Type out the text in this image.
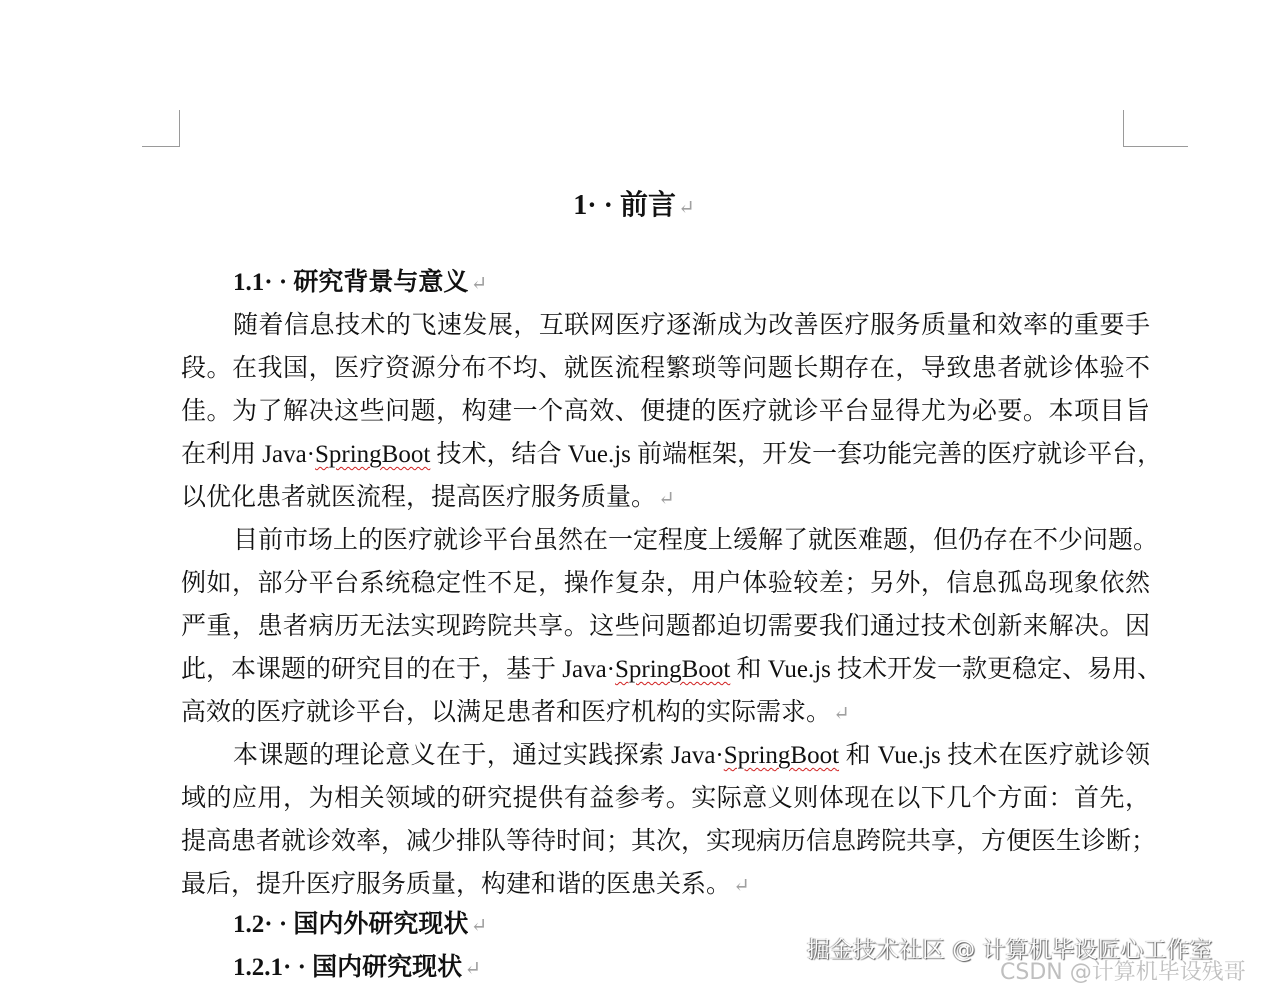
1· · 前言 ↵
1.1· · 研究背景与意义 ↵
随着信息技术的飞速发展，互联网医疗逐渐成为改善医疗服务质量和效率的重要手
段。在我国，医疗资源分布不均、就医流程繁琐等问题长期存在，导致患者就诊体验不
佳。为了解决这些问题，构建一个高效、便捷的医疗就诊平台显得尤为必要。本项目旨
在利用 Java·SpringBoot 技术，结合 Vue.js 前端框架，开发一套功能完善的医疗就诊平台，
以优化患者就医流程，提高医疗服务质量。 ↵
目前市场上的医疗就诊平台虽然在一定程度上缓解了就医难题，但仍存在不少问题。
例如，部分平台系统稳定性不足，操作复杂，用户体验较差；另外，信息孤岛现象依然
严重，患者病历无法实现跨院共享。这些问题都迫切需要我们通过技术创新来解决。因
此，本课题的研究目的在于，基于 Java·SpringBoot 和 Vue.js 技术开发一款更稳定、易用、
高效的医疗就诊平台，以满足患者和医疗机构的实际需求。 ↵
本课题的理论意义在于，通过实践探索 Java·SpringBoot 和 Vue.js 技术在医疗就诊领
域的应用，为相关领域的研究提供有益参考。实际意义则体现在以下几个方面：首先，
提高患者就诊效率，减少排队等待时间；其次，实现病历信息跨院共享，方便医生诊断；
最后，提升医疗服务质量，构建和谐的医患关系。 ↵
1.2· · 国内外研究现状 ↵
1.2.1· · 国内研究现状 ↵
掘金技术社区 @ 计算机毕设匠心工作室
CSDN @计算机毕设残哥
